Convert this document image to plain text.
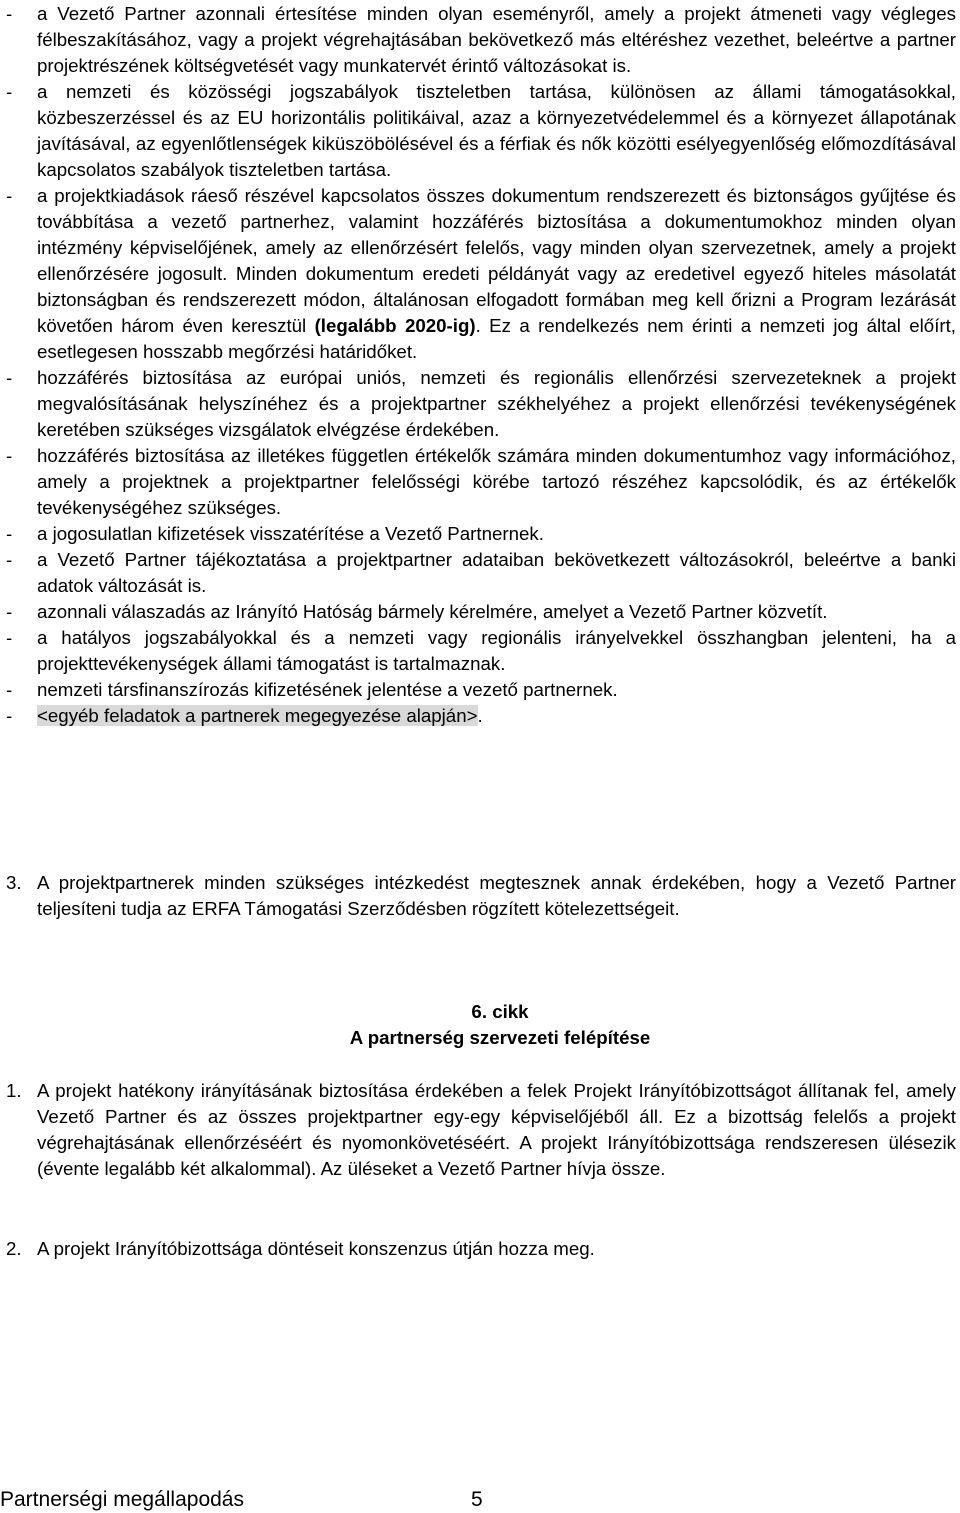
- a Vezető Partner azonnali értesítése minden olyan eseményről, amely a projekt átmeneti vagy végleges félbeszakításához, vagy a projekt végrehajtásában bekövetkező más eltéréshez vezethet, beleértve a partner projektrészének költségvetését vagy munkatervét érintő változásokat is.
- a nemzeti és közösségi jogszabályok tiszteletben tartása, különösen az állami támogatásokkal, közbeszerzéssel és az EU horizontális politikáival, azaz a környezetvédelemmel és a környezet állapotának javításával, az egyenlőtlenségek kiküszöbölésével és a férfiak és nők közötti esélyegyenlőség előmozdításával kapcsolatos szabályok tiszteletben tartása.
- a projektkiadások ráeső részével kapcsolatos összes dokumentum rendszerezett és biztonságos gyűjtése és továbbítása a vezető partnerhez, valamint hozzáférés biztosítása a dokumentumokhoz minden olyan intézmény képviselőjének, amely az ellenőrzésért felelős, vagy minden olyan szervezetnek, amely a projekt ellenőrzésére jogosult. Minden dokumentum eredeti példányát vagy az eredetivel egyező hiteles másolatát biztonságban és rendszerezett módon, általánosan elfogadott formában meg kell őrizni a Program lezárását követően három éven keresztül (legalább 2020-ig). Ez a rendelkezés nem érinti a nemzeti jog által előírt, esetlegesen hosszabb megőrzési határidőket.
- hozzáférés biztosítása az európai uniós, nemzeti és regionális ellenőrzési szervezeteknek a projekt megvalósításának helyszínéhez és a projektpartner székhelyéhez a projekt ellenőrzési tevékenységének keretében szükséges vizsgálatok elvégzése érdekében.
- hozzáférés biztosítása az illetékes független értékelők számára minden dokumentumhoz vagy információhoz, amely a projektnek a projektpartner felelősségi körébe tartozó részéhez kapcsolódik, és az értékelők tevékenységéhez szükséges.
- a jogosulatlan kifizetések visszatérítése a Vezető Partnernek.
- a Vezető Partner tájékoztatása a projektpartner adataiban bekövetkezett változásokról, beleértve a banki adatok változását is.
- azonnali válaszadás az Irányító Hatóság bármely kérelmére, amelyet a Vezető Partner közvetít.
- a hatályos jogszabályokkal és a nemzeti vagy regionális irányelvekkel összhangban jelenteni, ha a projekttevékenységek állami támogatást is tartalmaznak.
- nemzeti társfinanszírozás kifizetésének jelentése a vezető partnernek.
- <egyéb feladatok a partnerek megegyezése alapján>.
3. A projektpartnerek minden szükséges intézkedést megtesznek annak érdekében, hogy a Vezető Partner teljesíteni tudja az ERFA Támogatási Szerződésben rögzített kötelezettségeit.
6. cikk
A partnerség szervezeti felépítése
1. A projekt hatékony irányításának biztosítása érdekében a felek Projekt Irányítóbizottságot állítanak fel, amely Vezető Partner és az összes projektpartner egy-egy képviselőjéből áll. Ez a bizottság felelős a projekt végrehajtásának ellenőrzéséért és nyomonkövetéséért. A projekt Irányítóbizottsága rendszeresen ülésezik (évente legalább két alkalommal). Az üléseket a Vezető Partner hívja össze.
2. A projekt Irányítóbizottsága döntéseit konszenzus útján hozza meg.
Partnerségi megállapodás	5
